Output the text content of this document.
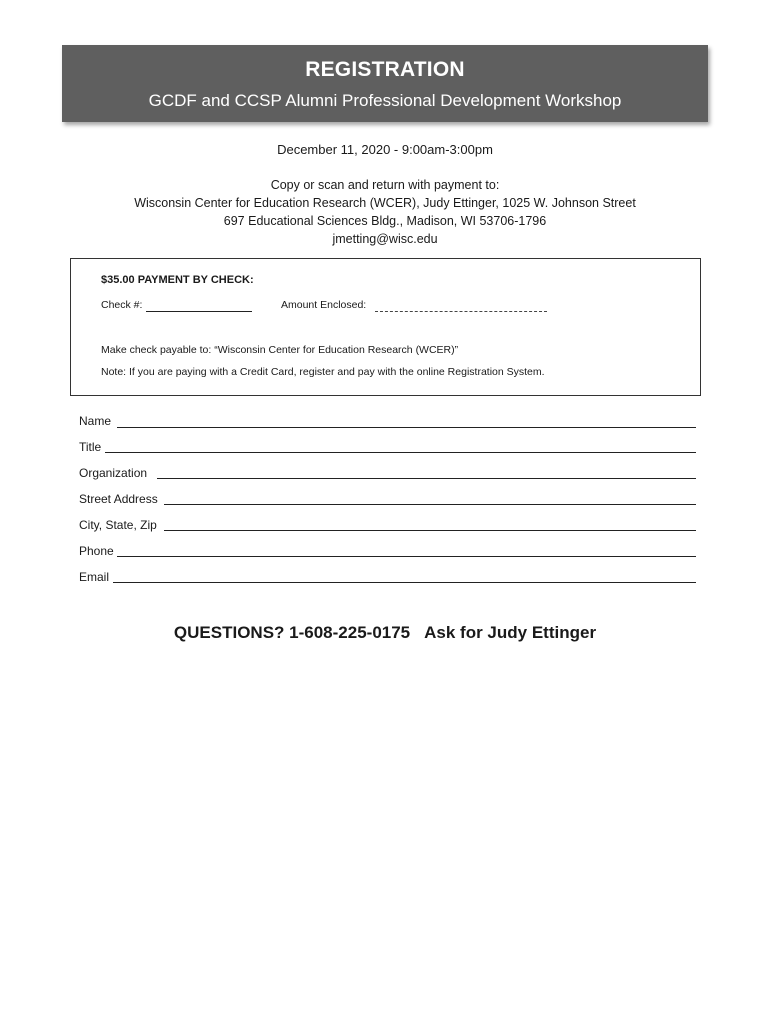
REGISTRATION
GCDF and CCSP Alumni Professional Development Workshop
December 11, 2020 - 9:00am-3:00pm
Copy or scan and return with payment to:
Wisconsin Center for Education Research (WCER), Judy Ettinger, 1025 W. Johnson Street
697 Educational Sciences Bldg., Madison, WI 53706-1796
jmetting@wisc.edu
$35.00 PAYMENT BY CHECK:
Check #:	Amount Enclosed:
Make check payable to: “Wisconsin Center for Education Research (WCER)”
Note: If you are paying with a Credit Card, register and pay with the online Registration System.
Name
Title
Organization
Street Address
City, State, Zip
Phone
Email
QUESTIONS? 1-608-225-0175 Ask for Judy Ettinger
